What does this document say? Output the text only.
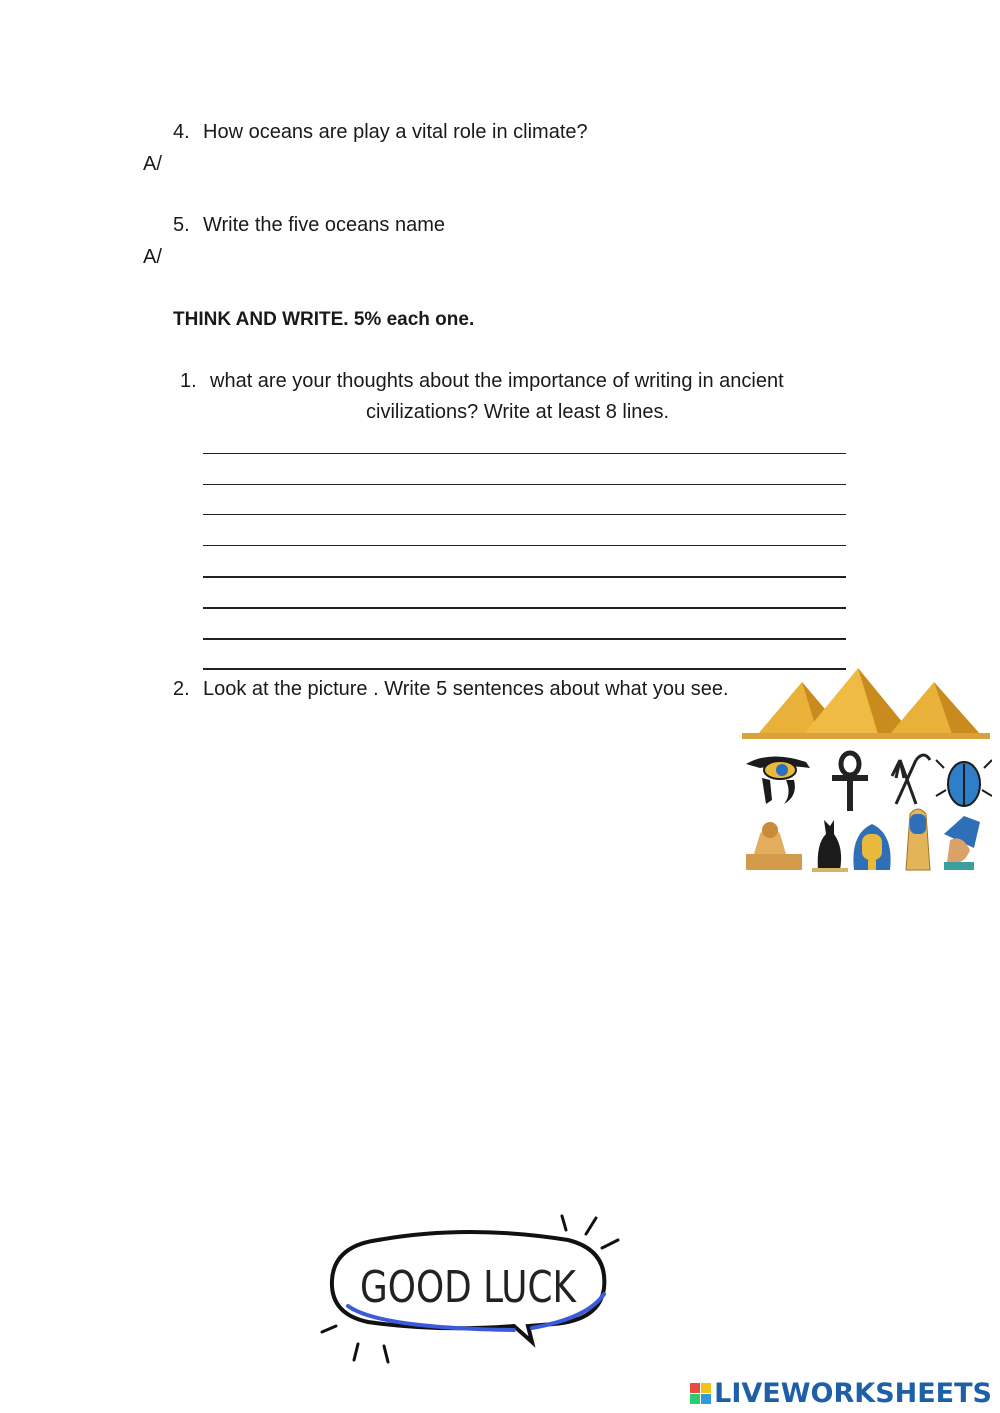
4. How oceans are play a vital role in climate?
A/
5. Write the five oceans name
A/
THINK AND WRITE. 5% each one.
1. what are your thoughts about the importance of writing in ancient
civilizations? Write at least 8 lines.
2. Look at the picture . Write 5 sentences about what you see.
GOOD LUCK
LIVEWORKSHEETS
